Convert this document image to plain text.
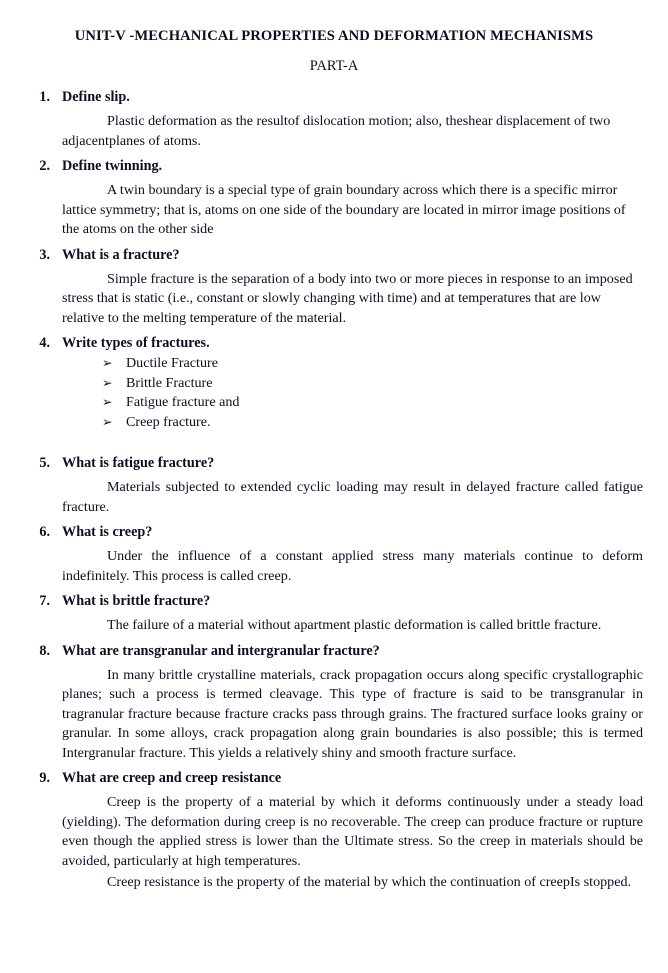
UNIT-V -MECHANICAL PROPERTIES AND DEFORMATION MECHANISMS
PART-A
1. Define slip.

Plastic deformation as the resultof dislocation motion; also, theshear displacement of two adjacentplanes of atoms.

2. Define twinning.

A twin boundary is a special type of grain boundary across which there is a specific mirror lattice symmetry; that is, atoms on one side of the boundary are located in mirror image positions of the atoms on the other side

3. What is a fracture?

Simple fracture is the separation of a body into two or more pieces in response to an imposed stress that is static (i.e., constant or slowly changing with time) and at temperatures that are low relative to the melting temperature of the material.

4. Write types of fractures.
➢ Ductile Fracture
➢ Brittle Fracture
➢ Fatigue fracture and
➢ Creep fracture.
5. What is fatigue fracture?

Materials subjected to extended cyclic loading may result in delayed fracture called fatigue fracture.

6. What is creep?

Under the influence of a constant applied stress many materials continue to deform indefinitely. This process is called creep.

7. What is brittle fracture?

The failure of a material without apartment plastic deformation is called brittle fracture.

8. What are transgranular and intergranular fracture?

In many brittle crystalline materials, crack propagation occurs along specific crystallographic planes; such a process is termed cleavage. This type of fracture is said to be transgranular in tragranular fracture because fracture cracks pass through grains. The fractured surface looks grainy or granular. In some alloys, crack propagation along grain boundaries is also possible; this is termed Intergranular fracture. This yields a relatively shiny and smooth fracture surface.

9. What are creep and creep resistance

Creep is the property of a material by which it deforms continuously under a steady load (yielding). The deformation during creep is no recoverable. The creep can produce fracture or rupture even though the applied stress is lower than the Ultimate stress. So the creep in materials should be avoided, particularly at high temperatures.

Creep resistance is the property of the material by which the continuation of creepIs stopped.
